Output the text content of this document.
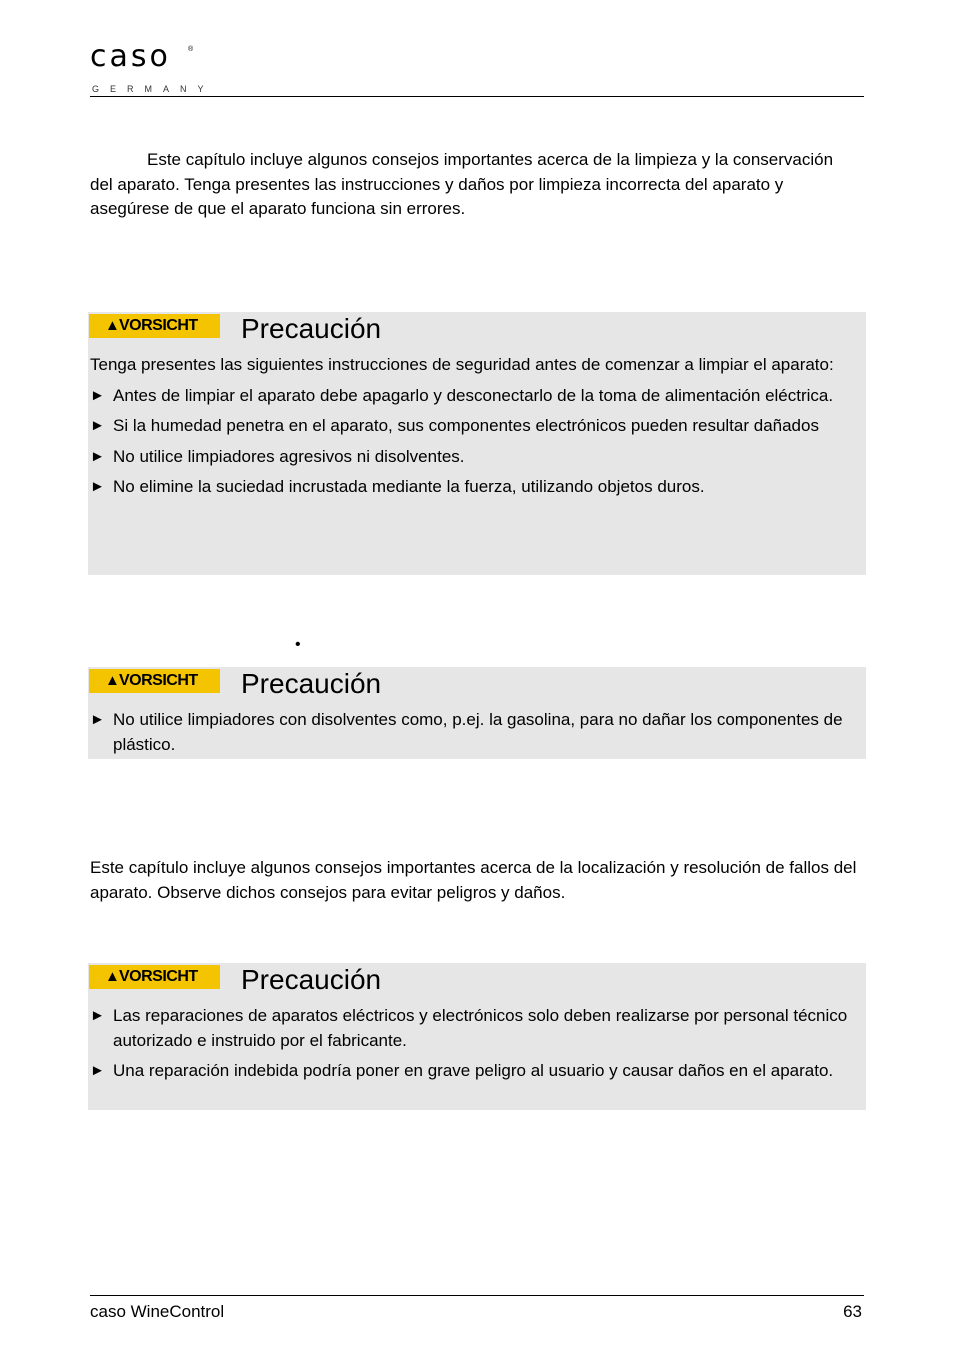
caso ®
GERMANY

Este capítulo incluye algunos consejos importantes acerca de la limpieza y la conservación del aparato. Tenga presentes las instrucciones y daños por limpieza incorrecta del aparato y asegúrese de que el aparato funciona sin errores.

▲ VORSICHT Precaución

Tenga presentes las siguientes instrucciones de seguridad antes de comenzar a limpiar el aparato:

► Antes de limpiar el aparato debe apagarlo y desconectarlo de la toma de alimentación eléctrica.

► Si la humedad penetra en el aparato, sus componentes electrónicos pueden resultar dañados

► No utilice limpiadores agresivos ni disolventes.

► No elimine la suciedad incrustada mediante la fuerza, utilizando objetos duros.

•
▲ VORSICHT Precaución

► No utilice limpiadores con disolventes como, p.ej. la gasolina, para no dañar los componentes de plástico.

Este capítulo incluye algunos consejos importantes acerca de la localización y resolución de fallos del aparato. Observe dichos consejos para evitar peligros y daños.

▲ VORSICHT Precaución

► Las reparaciones de aparatos eléctricos y electrónicos solo deben realizarse por personal técnico autorizado e instruido por el fabricante.

► Una reparación indebida podría poner en grave peligro al usuario y causar daños en el aparato.

caso WineControl	63
